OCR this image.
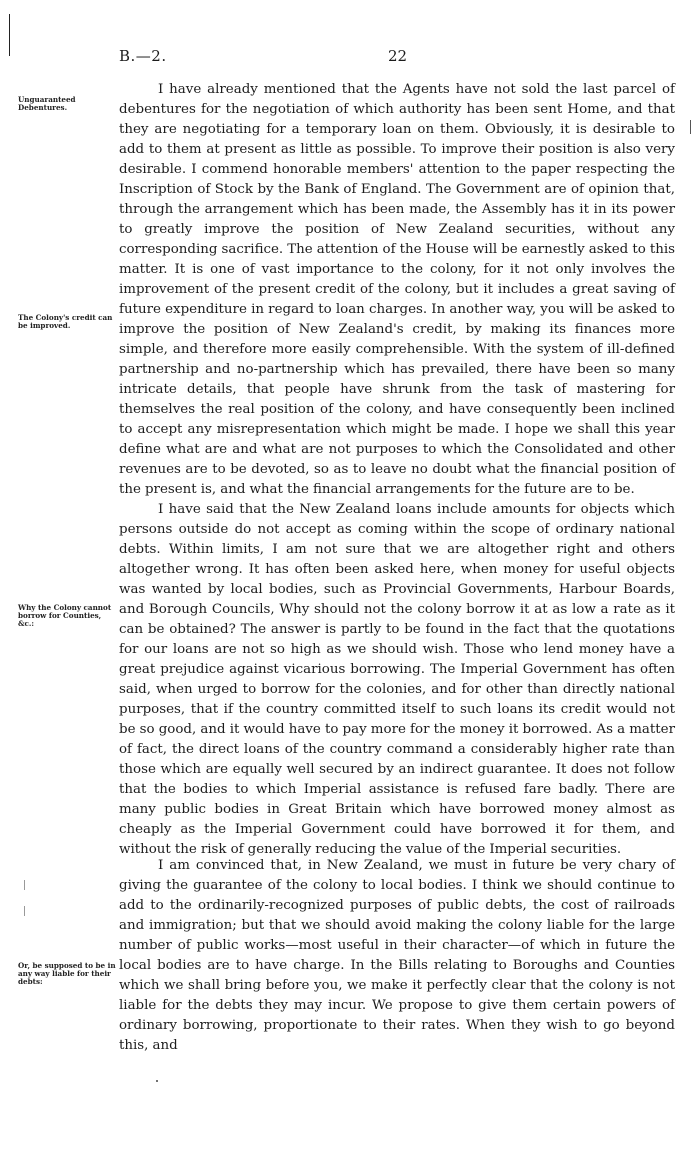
B.—2.	22
Unguaranteed Debentures.
The Colony's credit can be improved.
Why the Colony cannot borrow for Counties, &c.:
Or, be supposed to be in any way liable for their debts:

I have already mentioned that the Agents have not sold the last parcel of debentures for the negotiation of which authority has been sent Home, and that they are negotiating for a temporary loan on them. Obviously, it is desirable to add to them at present as little as possible. To improve their position is also very desirable. I commend honorable members' attention to the paper respecting the Inscription of Stock by the Bank of England. The Government are of opinion that, through the arrangement which has been made, the Assembly has it in its power to greatly improve the position of New Zealand securities, without any corresponding sacrifice. The attention of the House will be earnestly asked to this matter. It is one of vast importance to the colony, for it not only involves the improvement of the present credit of the colony, but it includes a great saving of future expenditure in regard to loan charges. In another way, you will be asked to improve the position of New Zealand's credit, by making its finances more simple, and therefore more easily comprehensible. With the system of ill-defined partnership and no-partnership which has prevailed, there have been so many intricate details, that people have shrunk from the task of mastering for themselves the real position of the colony, and have consequently been inclined to accept any misrepresentation which might be made. I hope we shall this year define what are and what are not purposes to which the Consolidated and other revenues are to be devoted, so as to leave no doubt what the financial position of the present is, and what the financial arrangements for the future are to be.

I have said that the New Zealand loans include amounts for objects which persons outside do not accept as coming within the scope of ordinary national debts. Within limits, I am not sure that we are altogether right and others altogether wrong. It has often been asked here, when money for useful objects was wanted by local bodies, such as Provincial Governments, Harbour Boards, and Borough Councils, Why should not the colony borrow it at as low a rate as it can be obtained? The answer is partly to be found in the fact that the quotations for our loans are not so high as we should wish. Those who lend money have a great prejudice against vicarious borrowing. The Imperial Government has often said, when urged to borrow for the colonies, and for other than directly national purposes, that if the country committed itself to such loans its credit would not be so good, and it would have to pay more for the money it borrowed. As a matter of fact, the direct loans of the country command a considerably higher rate than those which are equally well secured by an indirect guarantee. It does not follow that the bodies to which Imperial assistance is refused fare badly. There are many public bodies in Great Britain which have borrowed money almost as cheaply as the Imperial Government could have borrowed it for them, and without the risk of generally reducing the value of the Imperial securities.

I am convinced that, in New Zealand, we must in future be very chary of giving the guarantee of the colony to local bodies. I think we should continue to add to the ordinarily-recognized purposes of public debts, the cost of railroads and immigration; but that we should avoid making the colony liable for the large number of public works—most useful in their character—of which in future the local bodies are to have charge. In the Bills relating to Boroughs and Counties which we shall bring before you, we make it perfectly clear that the colony is not liable for the debts they may incur. We propose to give them certain powers of ordinary borrowing, proportionate to their rates. When they wish to go beyond this, and
